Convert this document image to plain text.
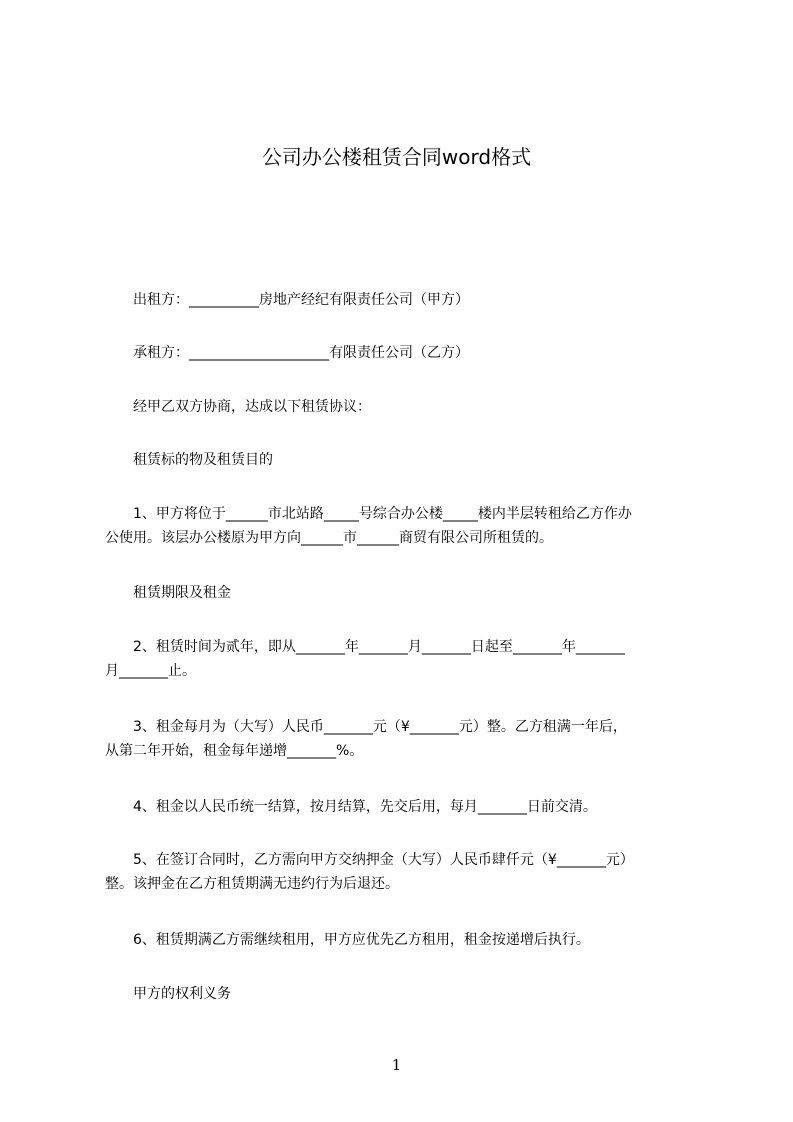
公司办公楼租赁合同word格式

　　出租方：__________房地产经纪有限责任公司（甲方）

　　承租方：____________________有限责任公司（乙方）

　　经甲乙双方协商，达成以下租赁协议：

　　租赁标的物及租赁目的

　　1、甲方将位于______市北站路_____号综合办公楼_____楼内半层转租给乙方作办
公使用。该层办公楼原为甲方向______市______商贸有限公司所租赁的。

　　租赁期限及租金

　　2、租赁时间为贰年，即从_______年_______月_______日起至_______年_______
月_______止。

　　3、租金每月为（大写）人民币_______元（¥_______元）整。乙方租满一年后，
从第二年开始，租金每年递增_______%。

　　4、租金以人民币统一结算，按月结算，先交后用，每月_______日前交清。

　　5、在签订合同时，乙方需向甲方交纳押金（大写）人民币肆仟元（¥_______元）
整。该押金在乙方租赁期满无违约行为后退还。

　　6、租赁期满乙方需继续租用，甲方应优先乙方租用，租金按递增后执行。

　　甲方的权利义务

1
